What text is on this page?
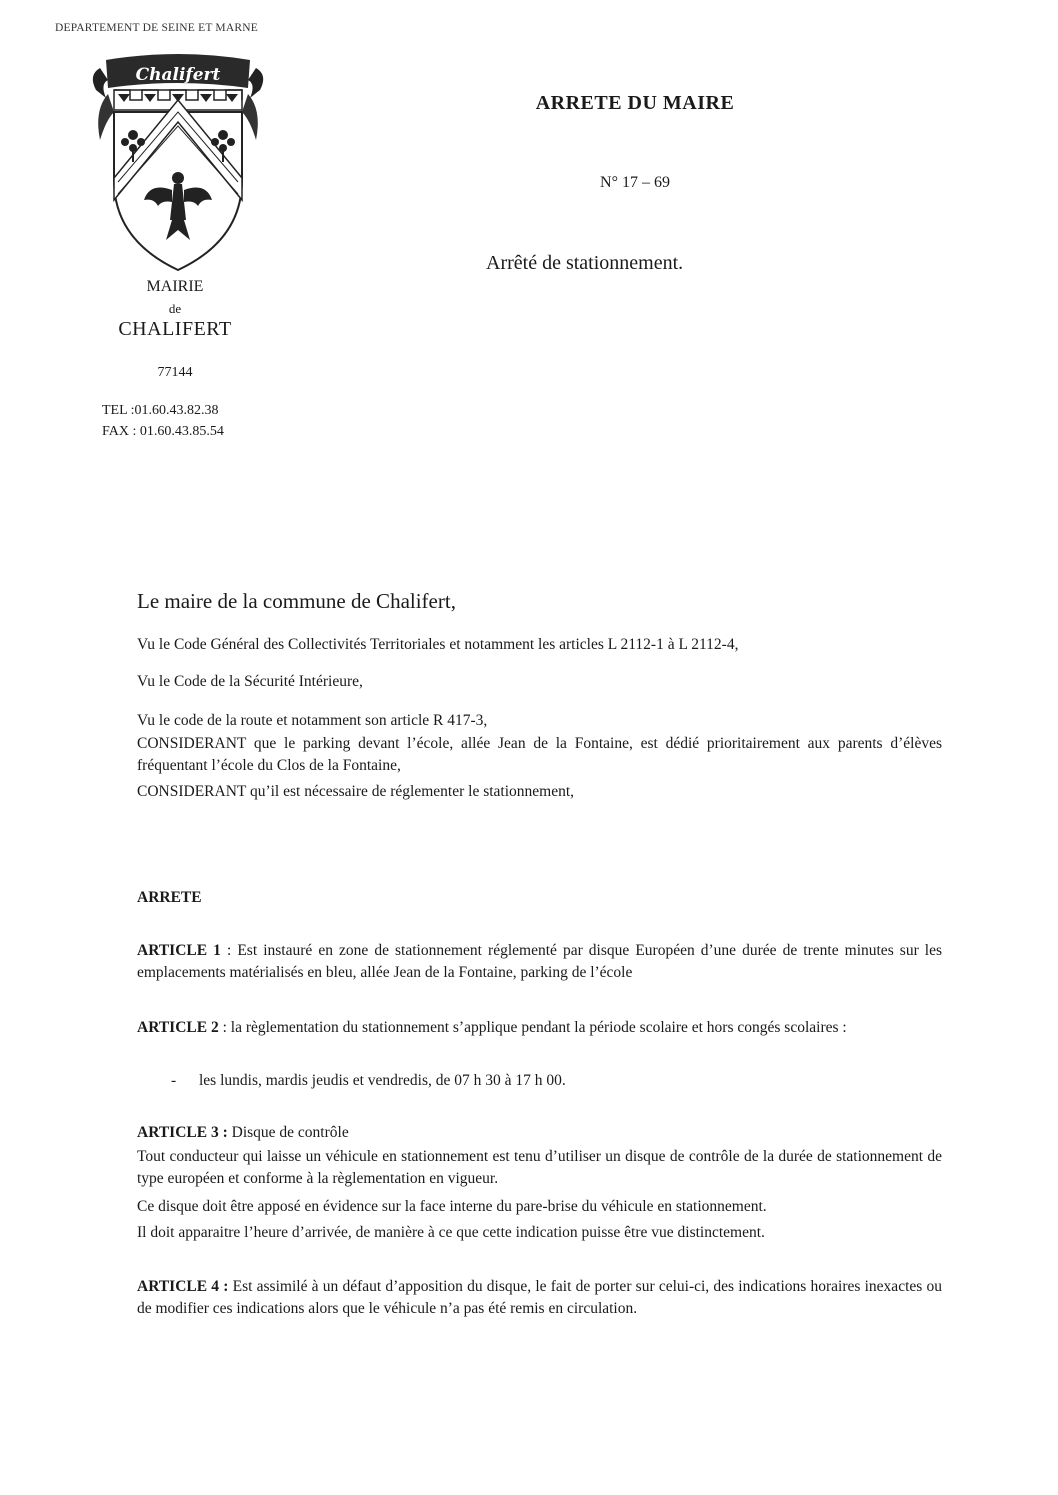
DEPARTEMENT DE SEINE ET MARNE
Chalifert
MAIRIE
de
CHALIFERT
77144
TEL :01.60.43.82.38
FAX : 01.60.43.85.54
ARRETE DU MAIRE
N° 17 – 69
Arrêté de stationnement.
Le maire de la commune de Chalifert,
Vu le Code Général des Collectivités Territoriales et notamment les articles L 2112-1 à L 2112-4,
Vu le Code de la Sécurité Intérieure,
Vu le code de la route et notamment son article R 417-3,
CONSIDERANT que le parking devant l’école, allée Jean de la Fontaine, est dédié prioritairement aux parents d’élèves fréquentant l’école du Clos de la Fontaine,
CONSIDERANT qu’il est nécessaire de réglementer le stationnement,
ARRETE
ARTICLE 1 : Est instauré en zone de stationnement réglementé par disque Européen d’une durée de trente minutes sur les emplacements matérialisés en bleu, allée Jean de la Fontaine, parking de l’école
ARTICLE 2 : la règlementation du stationnement s’applique pendant la période scolaire et hors congés scolaires :
- les lundis, mardis jeudis et vendredis, de 07 h 30 à 17 h 00.
ARTICLE 3 : Disque de contrôle
Tout conducteur qui laisse un véhicule en stationnement est tenu d’utiliser un disque de contrôle de la durée de stationnement de type européen et conforme à la règlementation en vigueur.
Ce disque doit être apposé en évidence sur la face interne du pare-brise du véhicule en stationnement.
Il doit apparaitre l’heure d’arrivée, de manière à ce que cette indication puisse être vue distinctement.
ARTICLE 4 : Est assimilé à un défaut d’apposition du disque, le fait de porter sur celui-ci, des indications horaires inexactes ou de modifier ces indications alors que le véhicule n’a pas été remis en circulation.
